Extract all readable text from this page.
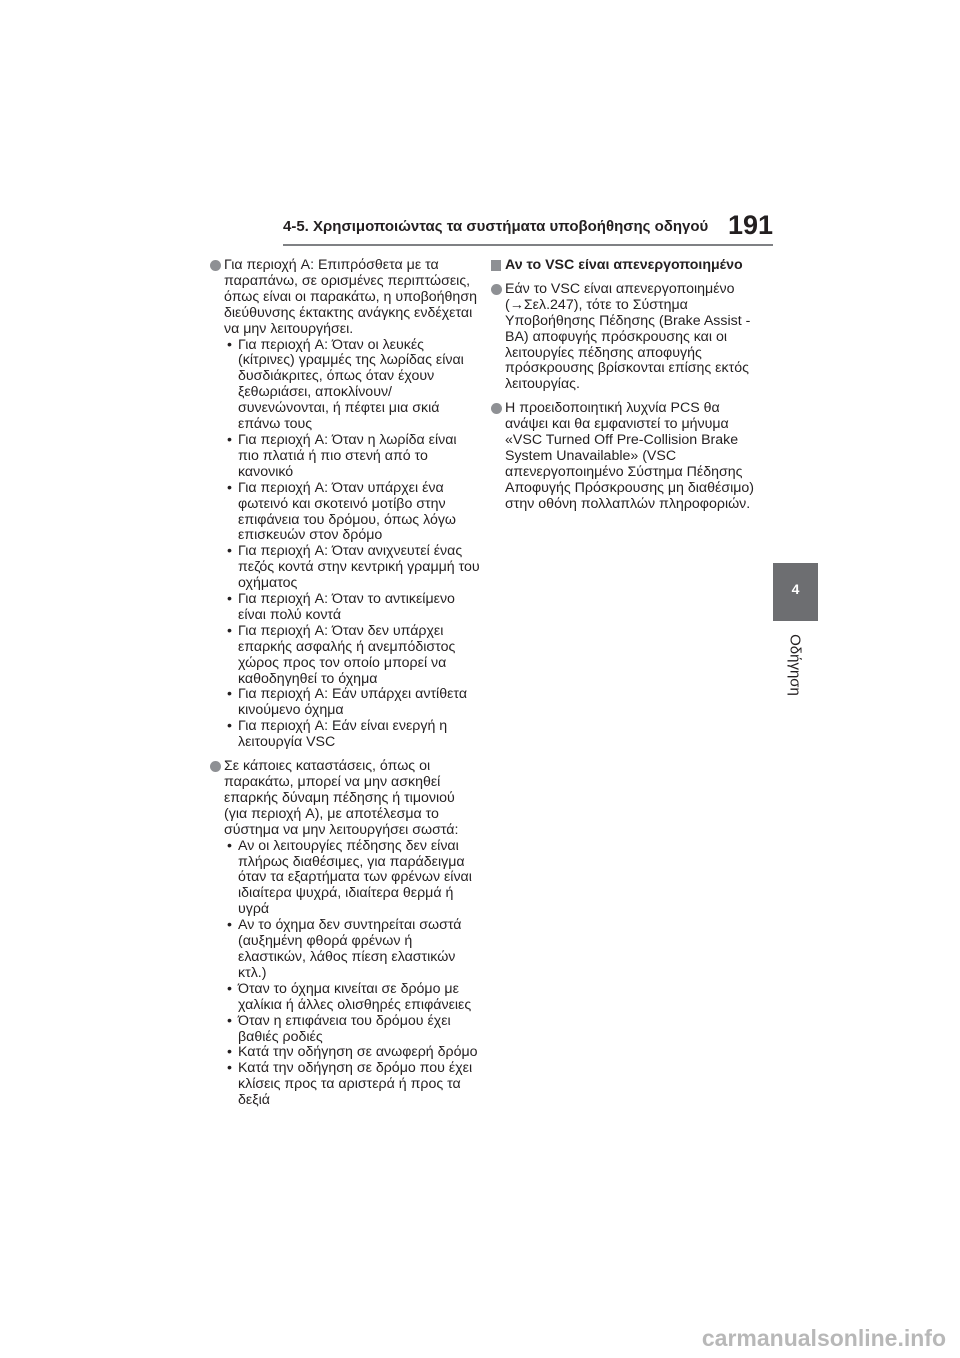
4-5. Χρησιμοποιώντας τα συστήματα υποβοήθησης οδηγού 191
Για περιοχή A: Επιπρόσθετα με τα παραπάνω, σε ορισμένες περιπτώσεις, όπως είναι οι παρακάτω, η υποβοήθηση διεύθυνσης έκτακτης ανάγκης ενδέχεται να μην λειτουργήσει.
• Για περιοχή A: Όταν οι λευκές (κίτρινες) γραμμές της λωρίδας είναι δυσδιάκριτες, όπως όταν έχουν ξεθωριάσει, αποκλίνουν/συνενώνονται, ή πέφτει μια σκιά επάνω τους
• Για περιοχή A: Όταν η λωρίδα είναι πιο πλατιά ή πιο στενή από το κανονικό
• Για περιοχή A: Όταν υπάρχει ένα φωτεινό και σκοτεινό μοτίβο στην επιφάνεια του δρόμου, όπως λόγω επισκευών στον δρόμο
• Για περιοχή A: Όταν ανιχνευτεί ένας πεζός κοντά στην κεντρική γραμμή του οχήματος
• Για περιοχή A: Όταν το αντικείμενο είναι πολύ κοντά
• Για περιοχή A: Όταν δεν υπάρχει επαρκής ασφαλής ή ανεμπόδιστος χώρος προς τον οποίο μπορεί να καθοδηγηθεί το όχημα
• Για περιοχή A: Εάν υπάρχει αντίθετα κινούμενο όχημα
• Για περιοχή A: Εάν είναι ενεργή η λειτουργία VSC
Σε κάποιες καταστάσεις, όπως οι παρακάτω, μπορεί να μην ασκηθεί επαρκής δύναμη πέδησης ή τιμονιού (για περιοχή A), με αποτέλεσμα το σύστημα να μην λειτουργήσει σωστά:
• Αν οι λειτουργίες πέδησης δεν είναι πλήρως διαθέσιμες, για παράδειγμα όταν τα εξαρτήματα των φρένων είναι ιδιαίτερα ψυχρά, ιδιαίτερα θερμά ή υγρά
• Αν το όχημα δεν συντηρείται σωστά (αυξημένη φθορά φρένων ή ελαστικών, λάθος πίεση ελαστικών κτλ.)
• Όταν το όχημα κινείται σε δρόμο με χαλίκια ή άλλες ολισθηρές επιφάνειες
• Όταν η επιφάνεια του δρόμου έχει βαθιές ροδιές
• Κατά την οδήγηση σε ανωφερή δρόμο
• Κατά την οδήγηση σε δρόμο που έχει κλίσεις προς τα αριστερά ή προς τα δεξιά
Αν το VSC είναι απενεργοποιημένο
Εάν το VSC είναι απενεργοποιημένο (→Σελ.247), τότε το Σύστημα Υποβοήθησης Πέδησης (Brake Assist - BA) αποφυγής πρόσκρουσης και οι λειτουργίες πέδησης αποφυγής πρόσκρουσης βρίσκονται επίσης εκτός λειτουργίας.
Η προειδοποιητική λυχνία PCS θα ανάψει και θα εμφανιστεί το μήνυμα «VSC Turned Off Pre-Collision Brake System Unavailable» (VSC απενεργοποιημένο Σύστημα Πέδησης Αποφυγής Πρόσκρουσης μη διαθέσιμο) στην οθόνη πολλαπλών πληροφοριών.
4
Οδήγηση
carmanualsonline.info
